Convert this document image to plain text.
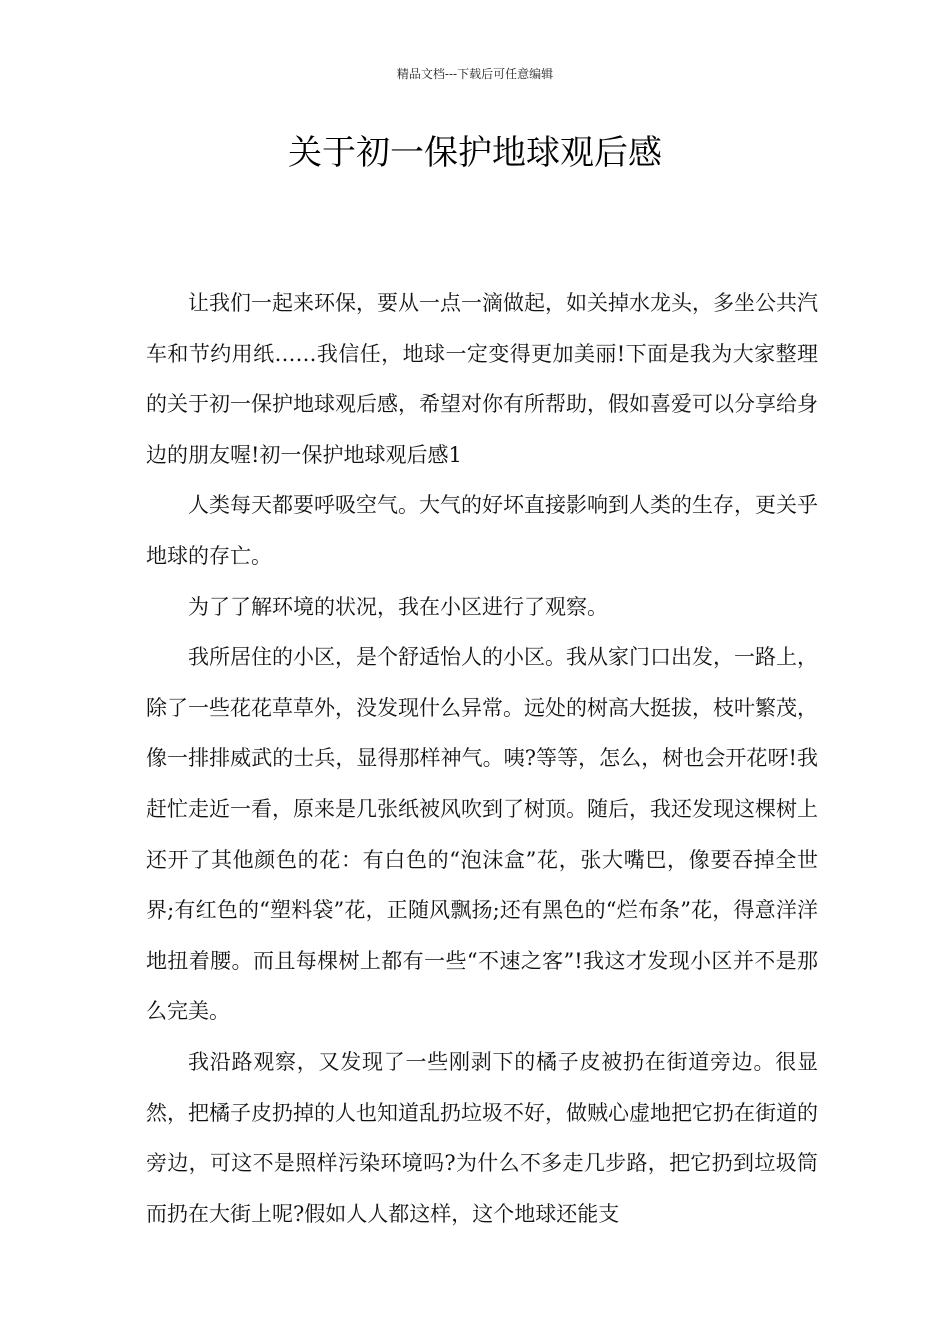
精品文档---下载后可任意编辑
关于初一保护地球观后感

让我们一起来环保，要从一点一滴做起，如关掉水龙头，多坐公共汽车和节约用纸……我信任，地球一定变得更加美丽!下面是我为大家整理的关于初一保护地球观后感，希望对你有所帮助，假如喜爱可以分享给身边的朋友喔!初一保护地球观后感1

人类每天都要呼吸空气。大气的好坏直接影响到人类的生存，更关乎地球的存亡。

为了了解环境的状况，我在小区进行了观察。

我所居住的小区，是个舒适怡人的小区。我从家门口出发，一路上，除了一些花花草草外，没发现什么异常。远处的树高大挺拔，枝叶繁茂，像一排排威武的士兵，显得那样神气。咦?等等，怎么，树也会开花呀!我赶忙走近一看，原来是几张纸被风吹到了树顶。随后，我还发现这棵树上还开了其他颜色的花：有白色的“泡沫盒”花，张大嘴巴，像要吞掉全世界;有红色的“塑料袋”花，正随风飘扬;还有黑色的“烂布条”花，得意洋洋地扭着腰。而且每棵树上都有一些“不速之客”!我这才发现小区并不是那么完美。

我沿路观察，又发现了一些刚剥下的橘子皮被扔在街道旁边。很显然，把橘子皮扔掉的人也知道乱扔垃圾不好，做贼心虚地把它扔在街道的旁边，可这不是照样污染环境吗?为什么不多走几步路，把它扔到垃圾筒而扔在大街上呢?假如人人都这样，这个地球还能支
